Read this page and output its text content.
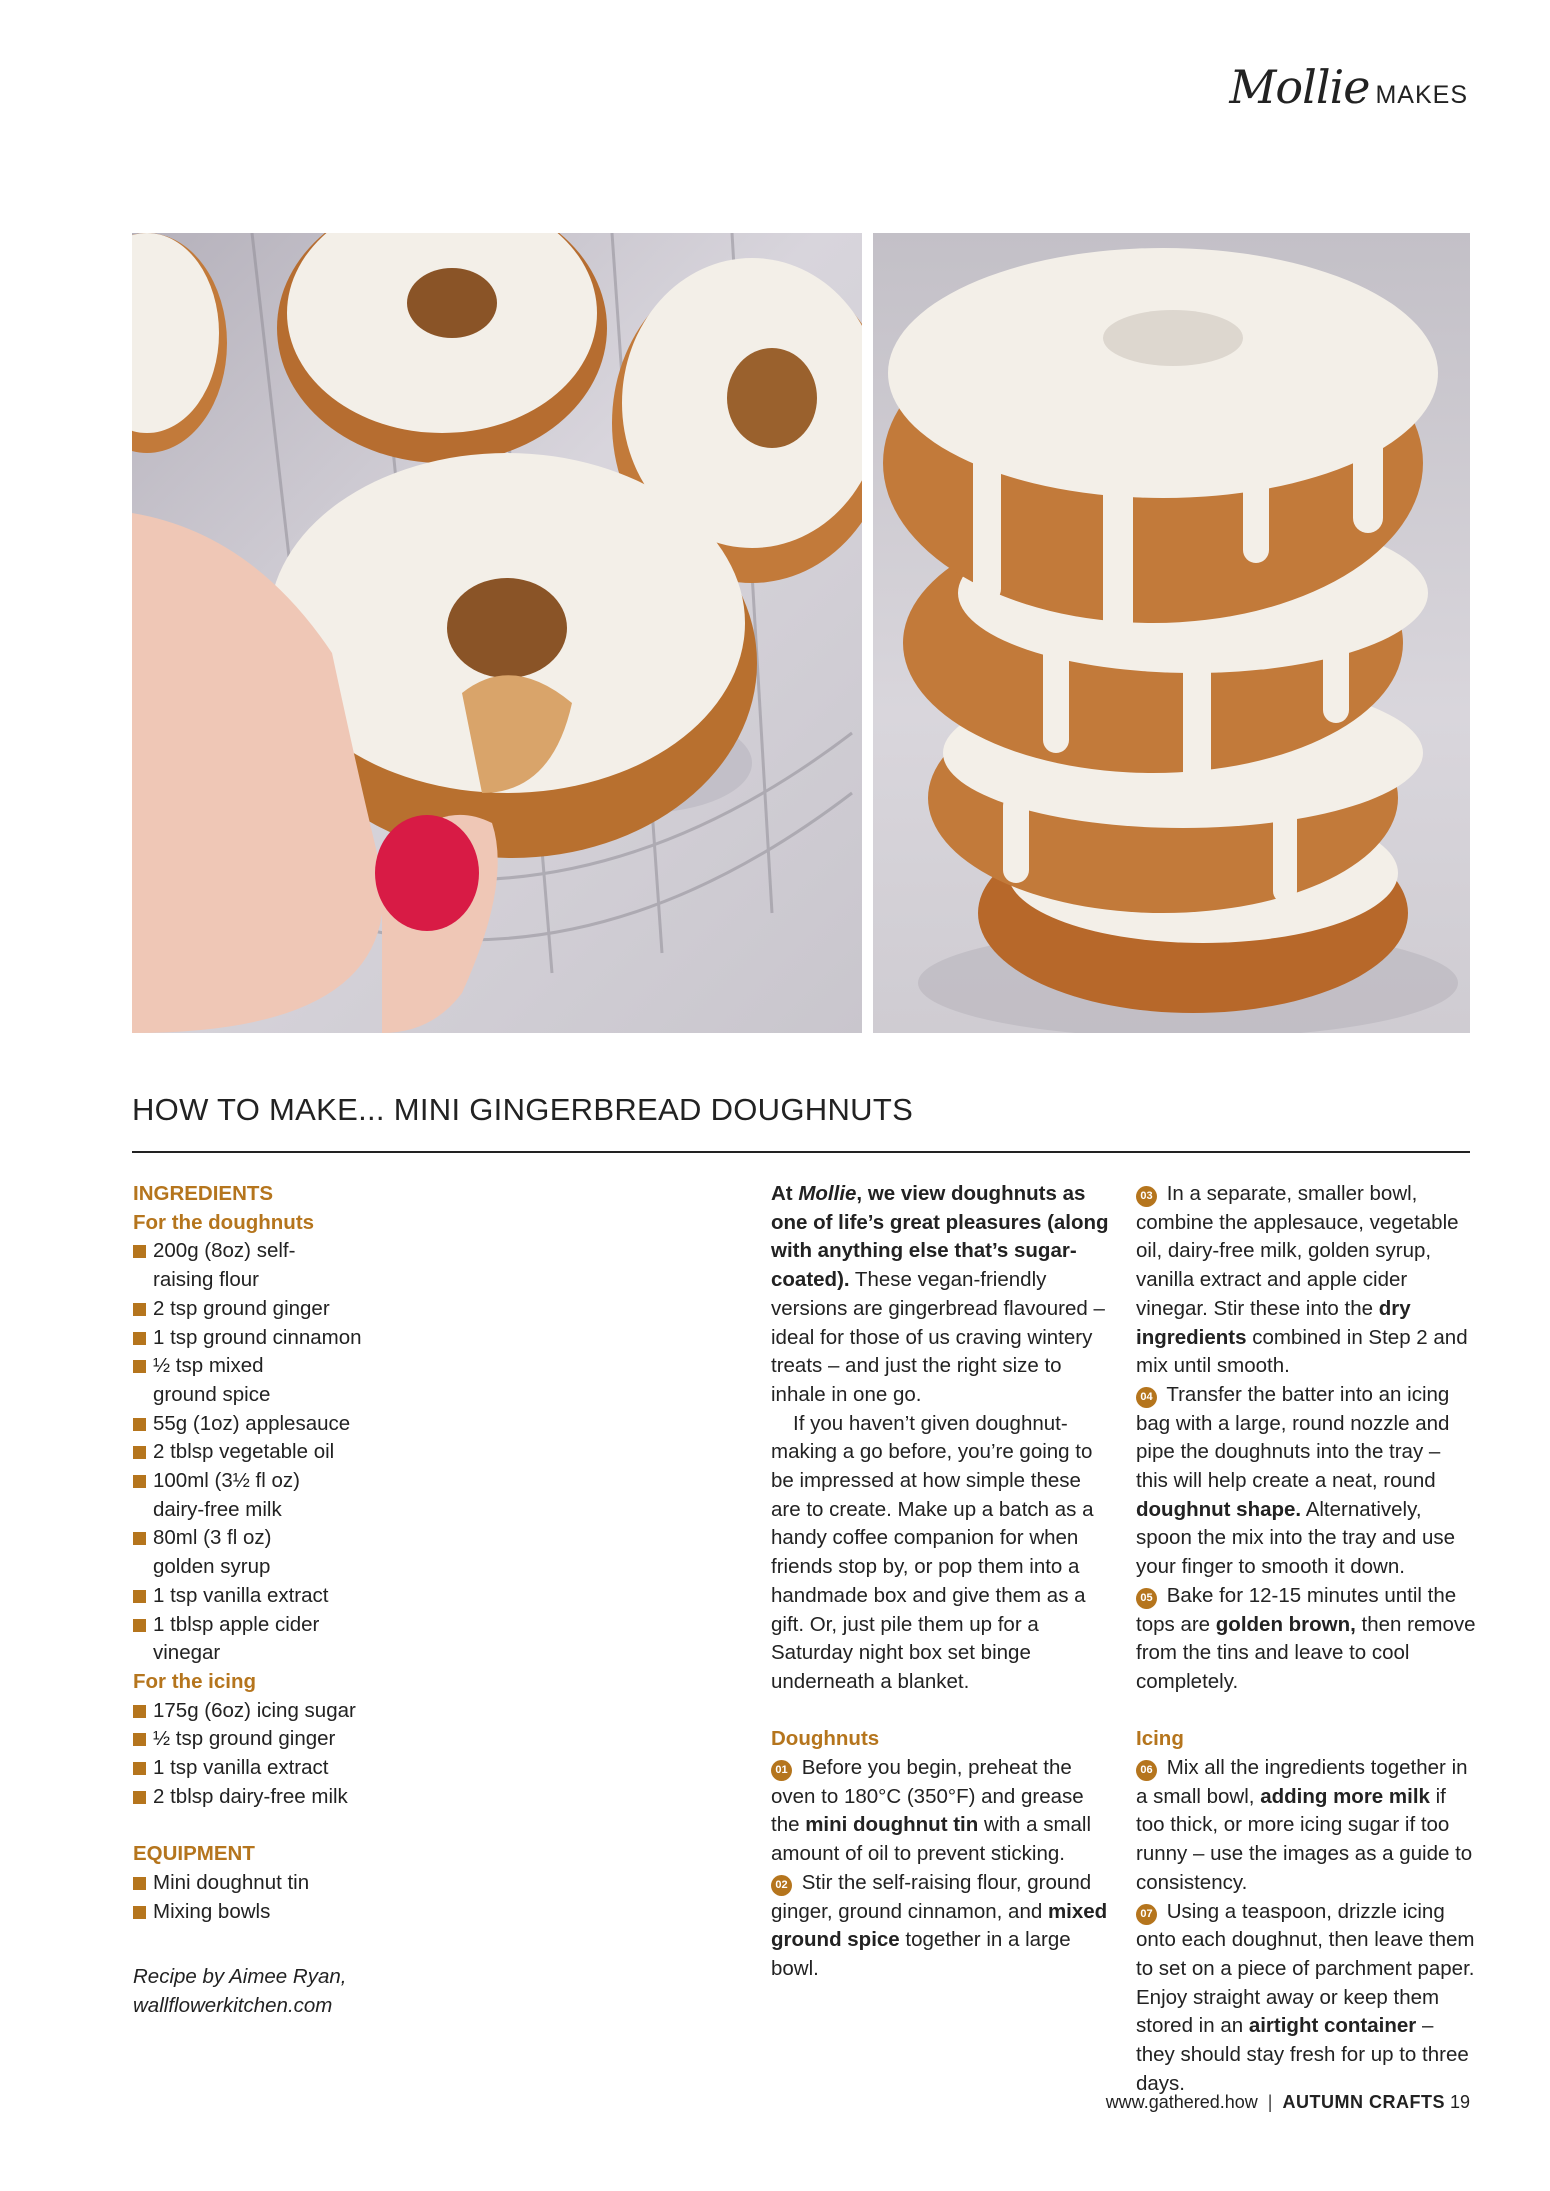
Mollie MAKES
HOW TO MAKE... MINI GINGERBREAD DOUGHNUTS

INGREDIENTS

For the doughnuts

200g (8oz) self-

raising flour

2 tsp ground ginger

1 tsp ground cinnamon

½ tsp mixed

ground spice

55g (1oz) applesauce

2 tblsp vegetable oil

100ml (3½ fl oz)

dairy-free milk

80ml (3 fl oz)

golden syrup

1 tsp vanilla extract

1 tblsp apple cider

vinegar

For the icing

175g (6oz) icing sugar

½ tsp ground ginger

1 tsp vanilla extract

2 tblsp dairy-free milk

EQUIPMENT

Mini doughnut tin

Mixing bowls

Recipe by Aimee Ryan,

wallflowerkitchen.com

At Mollie, we view doughnuts as one of life’s great pleasures (along with anything else that’s sugar-coated). These vegan-friendly versions are gingerbread flavoured – ideal for those of us craving wintery treats – and just the right size to inhale in one go.

If you haven’t given doughnut-making a go before, you’re going to be impressed at how simple these are to create. Make up a batch as a handy coffee companion for when friends stop by, or pop them into a handmade box and give them as a gift. Or, just pile them up for a Saturday night box set binge underneath a blanket.

Doughnuts

01 Before you begin, preheat the oven to 180°C (350°F) and grease the mini doughnut tin with a small amount of oil to prevent sticking.

02 Stir the self-raising flour, ground ginger, ground cinnamon, and mixed ground spice together in a large bowl.

03 In a separate, smaller bowl, combine the applesauce, vegetable oil, dairy-free milk, golden syrup, vanilla extract and apple cider vinegar. Stir these into the dry ingredients combined in Step 2 and mix until smooth.

04 Transfer the batter into an icing bag with a large, round nozzle and pipe the doughnuts into the tray – this will help create a neat, round doughnut shape. Alternatively, spoon the mix into the tray and use your finger to smooth it down.

05 Bake for 12-15 minutes until the tops are golden brown, then remove from the tins and leave to cool completely.

Icing

06 Mix all the ingredients together in a small bowl, adding more milk if too thick, or more icing sugar if too runny – use the images as a guide to consistency.

07 Using a teaspoon, drizzle icing onto each doughnut, then leave them to set on a piece of parchment paper. Enjoy straight away or keep them stored in an airtight container – they should stay fresh for up to three days.

www.gathered.how | AUTUMN CRAFTS 19
